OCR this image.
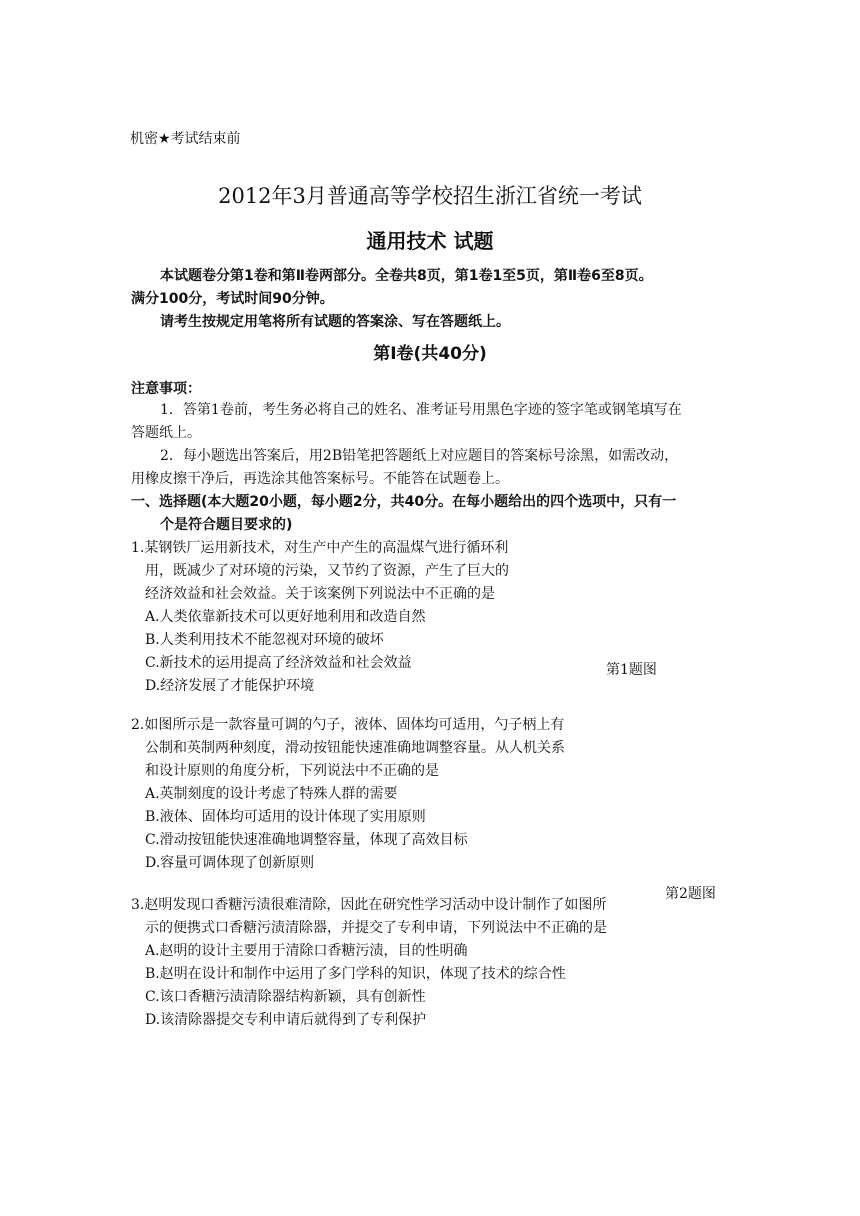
机密★考试结束前
2012年3月普通高等学校招生浙江省统一考试
通用技术 试题
本试题卷分第1卷和第Ⅱ卷两部分。全卷共8页，第1卷1至5页，第Ⅱ卷6至8页。
满分100分，考试时间90分钟。
请考生按规定用笔将所有试题的答案涂、写在答题纸上。
第Ⅰ卷(共40分)
注意事项：
1．答第1卷前，考生务必将自己的姓名、准考证号用黑色字迹的签字笔或钢笔填写在
答题纸上。
2．每小题选出答案后，用2B铅笔把答题纸上对应题目的答案标号涂黑，如需改动，
用橡皮擦干净后，再选涂其他答案标号。不能答在试题卷上。
一、选择题(本大题20小题，每小题2分，共40分。在每小题给出的四个选项中，只有一
个是符合题目要求的)
1.某钢铁厂运用新技术，对生产中产生的高温煤气进行循环利
用，既减少了对环境的污染，又节约了资源，产生了巨大的
经济效益和社会效益。关于该案例下列说法中不正确的是
A.人类依靠新技术可以更好地利用和改造自然
B.人类利用技术不能忽视对环境的破坏
C.新技术的运用提高了经济效益和社会效益
D.经济发展了才能保护环境
第1题图
2.如图所示是一款容量可调的勺子，液体、固体均可适用，勺子柄上有
公制和英制两种刻度，滑动按钮能快速准确地调整容量。从人机关系
和设计原则的角度分析，下列说法中不正确的是
A.英制刻度的设计考虑了特殊人群的需要
B.液体、固体均可适用的设计体现了实用原则
C.滑动按钮能快速准确地调整容量，体现了高效目标
D.容量可调体现了创新原则
第2题图
3.赵明发现口香糖污渍很难清除，因此在研究性学习活动中设计制作了如图所
示的便携式口香糖污渍清除器，并提交了专利申请，下列说法中不正确的是
A.赵明的设计主要用于清除口香糖污渍，目的性明确
B.赵明在设计和制作中运用了多门学科的知识，体现了技术的综合性
C.该口香糖污渍清除器结构新颖，具有创新性
D.该清除器提交专利申请后就得到了专利保护
